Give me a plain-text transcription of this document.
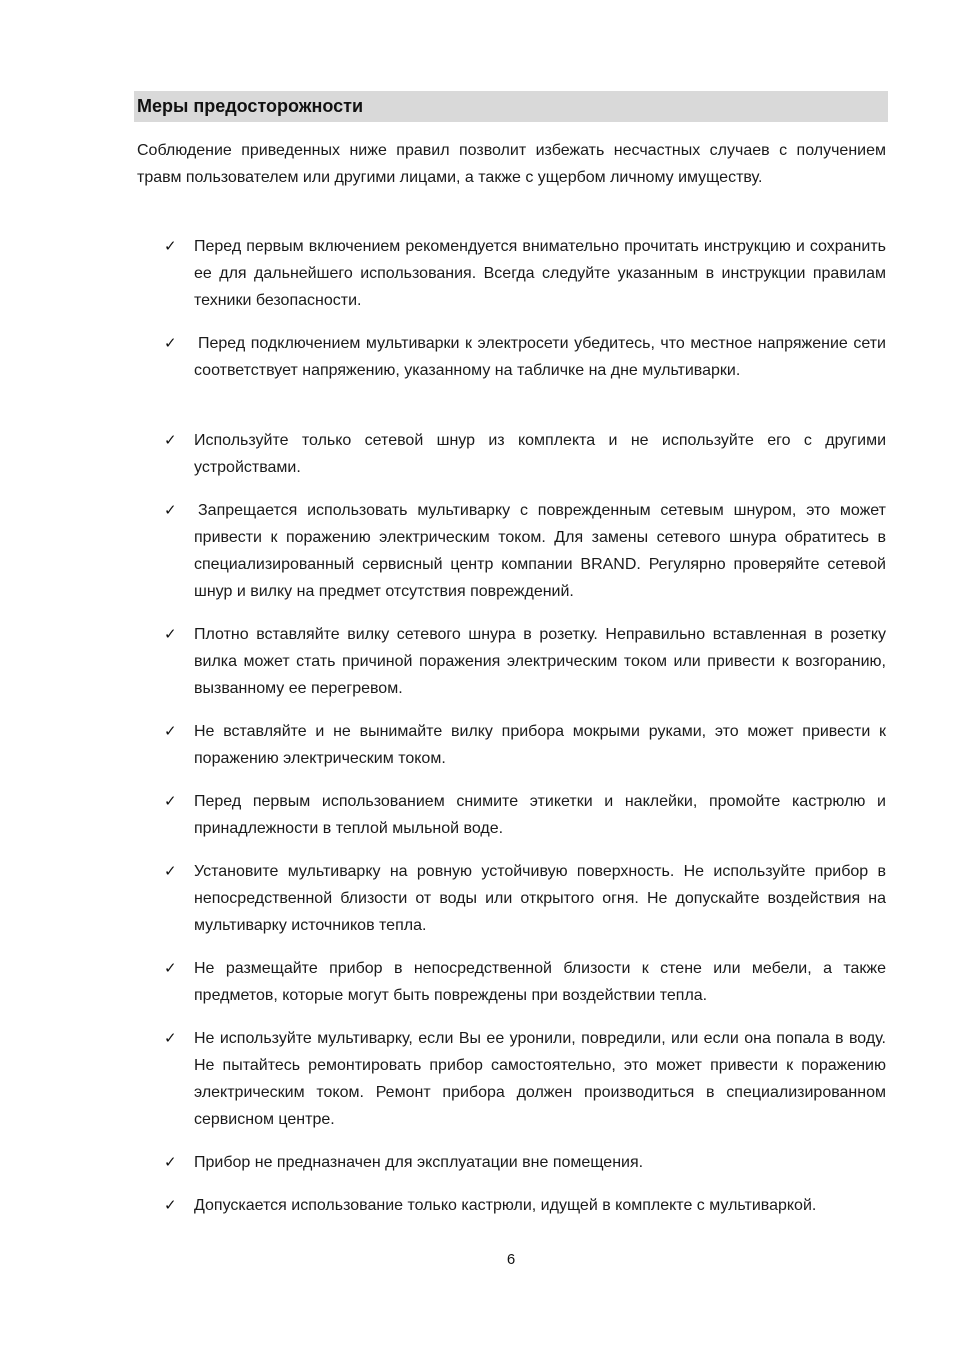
Меры предосторожности

Соблюдение приведенных ниже правил позволит избежать несчастных случаев с получением травм пользователем или другими лицами, а также с ущербом личному имуществу.

✓ Перед первым включением рекомендуется внимательно прочитать инструкцию и сохранить ее для дальнейшего использования. Всегда следуйте указанным в инструкции правилам техники безопасности.

✓ Перед подключением мультиварки к электросети убедитесь, что местное напряжение сети соответствует напряжению, указанному на табличке на дне мультиварки.

✓ Используйте только сетевой шнур из комплекта и не используйте его с другими устройствами.

✓ Запрещается использовать мультиварку с поврежденным сетевым шнуром, это может привести к поражению электрическим током. Для замены сетевого шнура обратитесь в специализированный сервисный центр компании BRAND. Регулярно проверяйте сетевой шнур и вилку на предмет отсутствия повреждений.

✓ Плотно вставляйте вилку сетевого шнура в розетку. Неправильно вставленная в розетку вилка может стать причиной поражения электрическим током или привести к возгоранию, вызванному ее перегревом.

✓ Не вставляйте и не вынимайте вилку прибора мокрыми руками, это может привести к поражению электрическим током.

✓ Перед первым использованием снимите этикетки и наклейки, промойте кастрюлю и принадлежности в теплой мыльной воде.

✓ Установите мультиварку на ровную устойчивую поверхность. Не используйте прибор в непосредственной близости от воды или открытого огня. Не допускайте воздействия на мультиварку источников тепла.

✓ Не размещайте прибор в непосредственной близости к стене или мебели, а также предметов, которые могут быть повреждены при воздействии тепла.

✓ Не используйте мультиварку, если Вы ее уронили, повредили, или если она попала в воду. Не пытайтесь ремонтировать прибор самостоятельно, это может привести к поражению электрическим током. Ремонт прибора должен производиться в специализированном сервисном центре.

✓ Прибор не предназначен для эксплуатации вне помещения.

✓ Допускается использование только кастрюли, идущей в комплекте с мультиваркой.

6
